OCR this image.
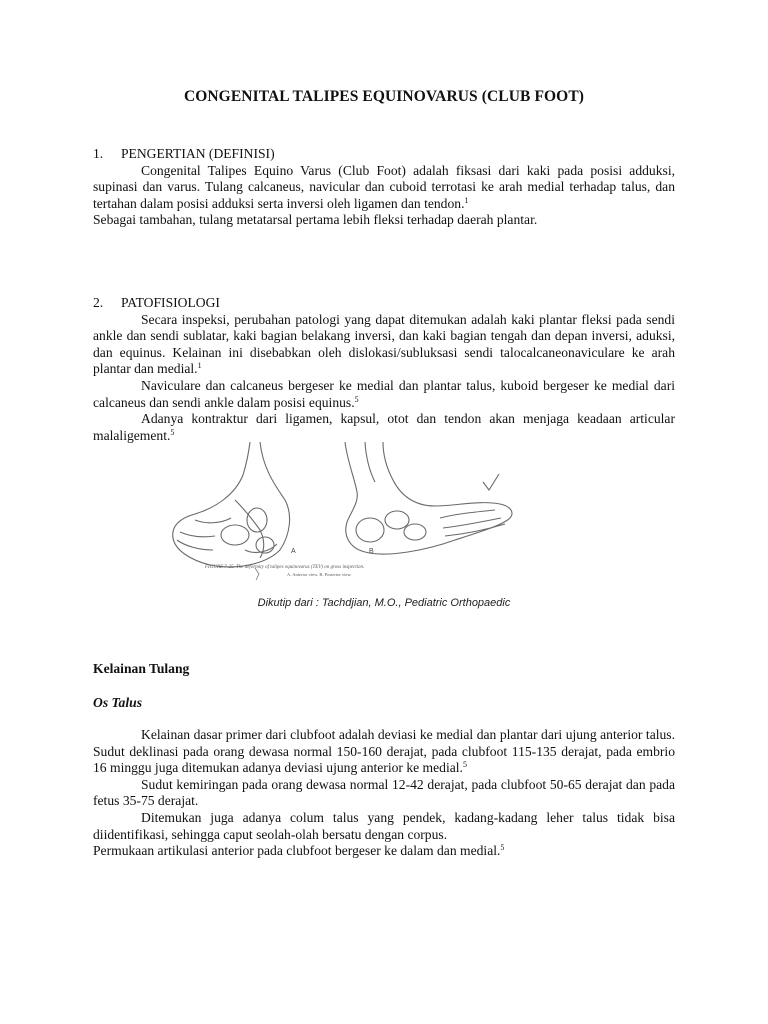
CONGENITAL TALIPES EQUINOVARUS (CLUB FOOT)
1.	PENGERTIAN (DEFINISI)

Congenital Talipes Equino Varus (Club Foot) adalah fiksasi dari kaki pada posisi adduksi, supinasi dan varus. Tulang calcaneus, navicular dan cuboid terrotasi ke arah medial terhadap talus, dan tertahan dalam posisi adduksi serta inversi oleh ligamen dan tendon.$^1$

Sebagai tambahan, tulang metatarsal pertama lebih fleksi terhadap daerah plantar.

2.	PATOFISIOLOGI

Secara inspeksi, perubahan patologi yang dapat ditemukan adalah kaki plantar fleksi pada sendi ankle dan sendi sublatar, kaki bagian belakang inversi, dan kaki bagian tengah dan depan inversi, aduksi, dan equinus. Kelainan ini disebabkan oleh dislokasi/subluksasi sendi talocalcaneonaviculare ke arah plantar dan medial.$^1$

Naviculare dan calcaneus bergeser ke medial dan plantar talus, kuboid bergeser ke medial dari calcaneus dan sendi ankle dalam posisi equinus.$^5$

Adanya kontraktur dari ligamen, kapsul, otot dan tendon akan menjaga keadaan articular malaligement.$^5$

A	B
FIGURE 7-25. The deformity of talipes equinovarus (TEV) on gross inspection.
A. Anterior view. B. Posterior view.
Dikutip dari : Tachdjian, M.O., Pediatric Orthopaedic
Kelainan Tulang
Os Talus

Kelainan dasar primer dari clubfoot adalah deviasi ke medial dan plantar dari ujung anterior talus. Sudut deklinasi pada orang dewasa normal 150-160 derajat, pada clubfoot 115-135 derajat, pada embrio 16 minggu juga ditemukan adanya deviasi ujung anterior ke medial.$^5$

Sudut kemiringan pada orang dewasa normal 12-42 derajat, pada clubfoot 50-65 derajat dan pada fetus 35-75 derajat.

Ditemukan juga adanya colum talus yang pendek, kadang-kadang leher talus tidak bisa diidentifikasi, sehingga caput seolah-olah bersatu dengan corpus.

Permukaan artikulasi anterior pada clubfoot bergeser ke dalam dan medial.$^5$
